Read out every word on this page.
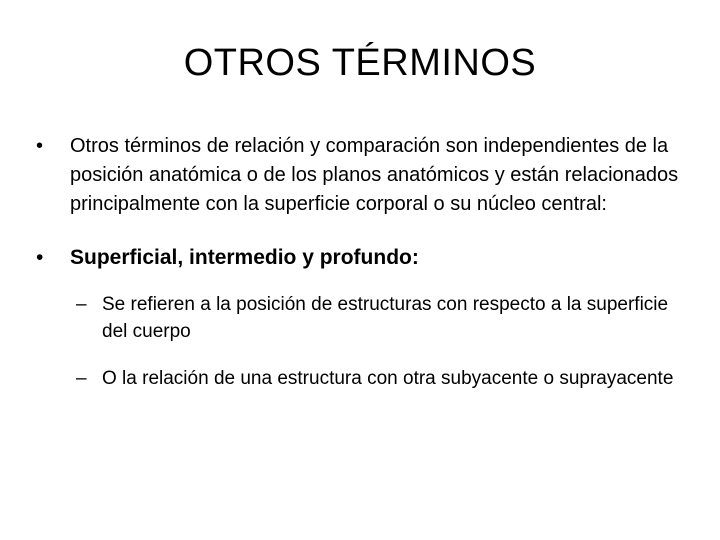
OTROS TÉRMINOS
•	Otros términos de relación y comparación son independientes de la posición anatómica o de los planos anatómicos y están relacionados principalmente con la superficie corporal o su núcleo central:
•	Superficial, intermedio y profundo:
– Se refieren a la posición de estructuras con respecto a la superficie del cuerpo
– O la relación de una estructura con otra subyacente o suprayacente
